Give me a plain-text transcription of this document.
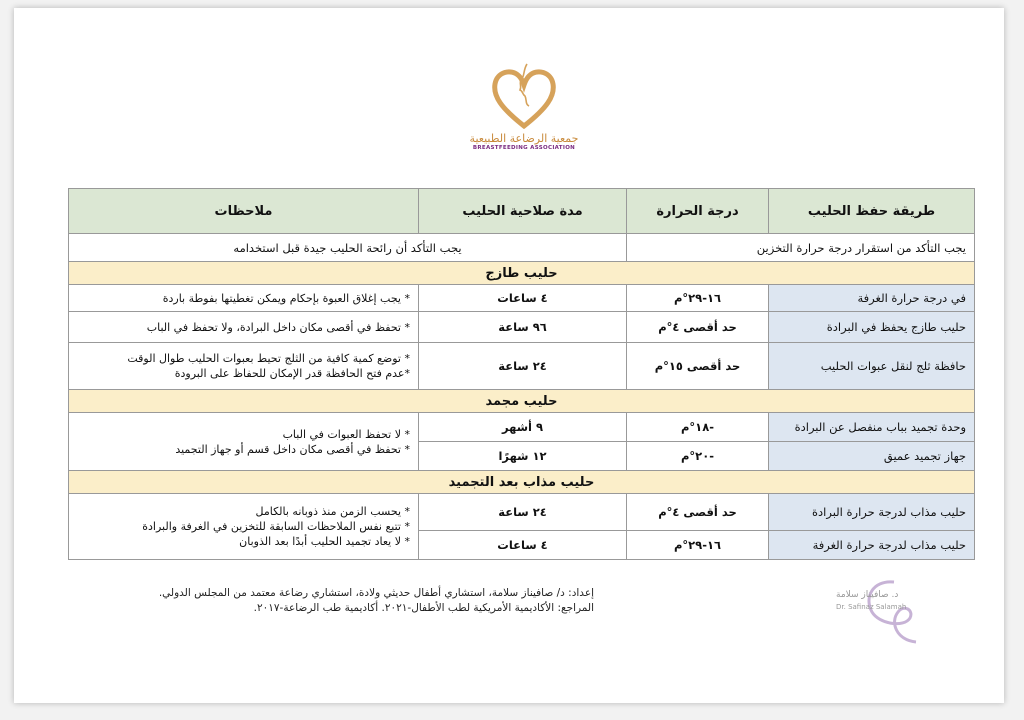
جمعية الرضاعة الطبيعية
BREASTFEEDING ASSOCIATION
طريقة حفظ الحليب	درجة الحرارة	مدة صلاحية الحليب	ملاحظات
يجب التأكد من استقرار درجة حرارة التخزين		يجب التأكد أن رائحة الحليب جيدة قبل استخدامه	
حليب طازج			
في درجة حرارة الغرفة	١٦-٢٩°م	٤ ساعات	* يجب إغلاق العبوة بإحكام ويمكن تغطيتها بفوطة باردة
حليب طازج يحفظ في البرادة	حد أقصى ٤°م	٩٦ ساعة	* تحفظ في أقصى مكان داخل البرادة، ولا تحفظ في الباب
حافظة ثلج لنقل عبوات الحليب	حد أقصى ١٥°م	٢٤ ساعة	* توضع كمية كافية من الثلج تحيط بعبوات الحليب طوال الوقت
*عدم فتح الحافظة قدر الإمكان للحفاظ على البرودة

حليب مجمد			
وحدة تجميد بباب منفصل عن البرادة	-١٨°م	٩ أشهر	* لا تحفظ العبوات في الباب
* تحفظ في أقصى مكان داخل قسم أو جهاز التجميد

جهاز تجميد عميق	-٢٠°م	١٢ شهرًا	
حليب مذاب بعد التجميد			
حليب مذاب لدرجة حرارة البرادة	حد أقصى ٤°م	٢٤ ساعة	* يحسب الزمن منذ ذوبانه بالكامل
* تتبع نفس الملاحظات السابقة للتخزين في الغرفة والبرادة
* لا يعاد تجميد الحليب أبدًا بعد الذوبان

حليب مذاب لدرجة حرارة الغرفة	١٦-٢٩°م	٤ ساعات	
إعداد: د/ صافيناز سلامة، استشاري أطفال حديثي ولادة، استشاري رضاعة معتمد من المجلس الدولي.
المراجع: الأكاديمية الأمريكية لطب الأطفال-٢٠٢١. أكاديمية طب الرضاعة-٢٠١٧.
د. صافيناز سلامة
Dr. Safinaz Salamah
